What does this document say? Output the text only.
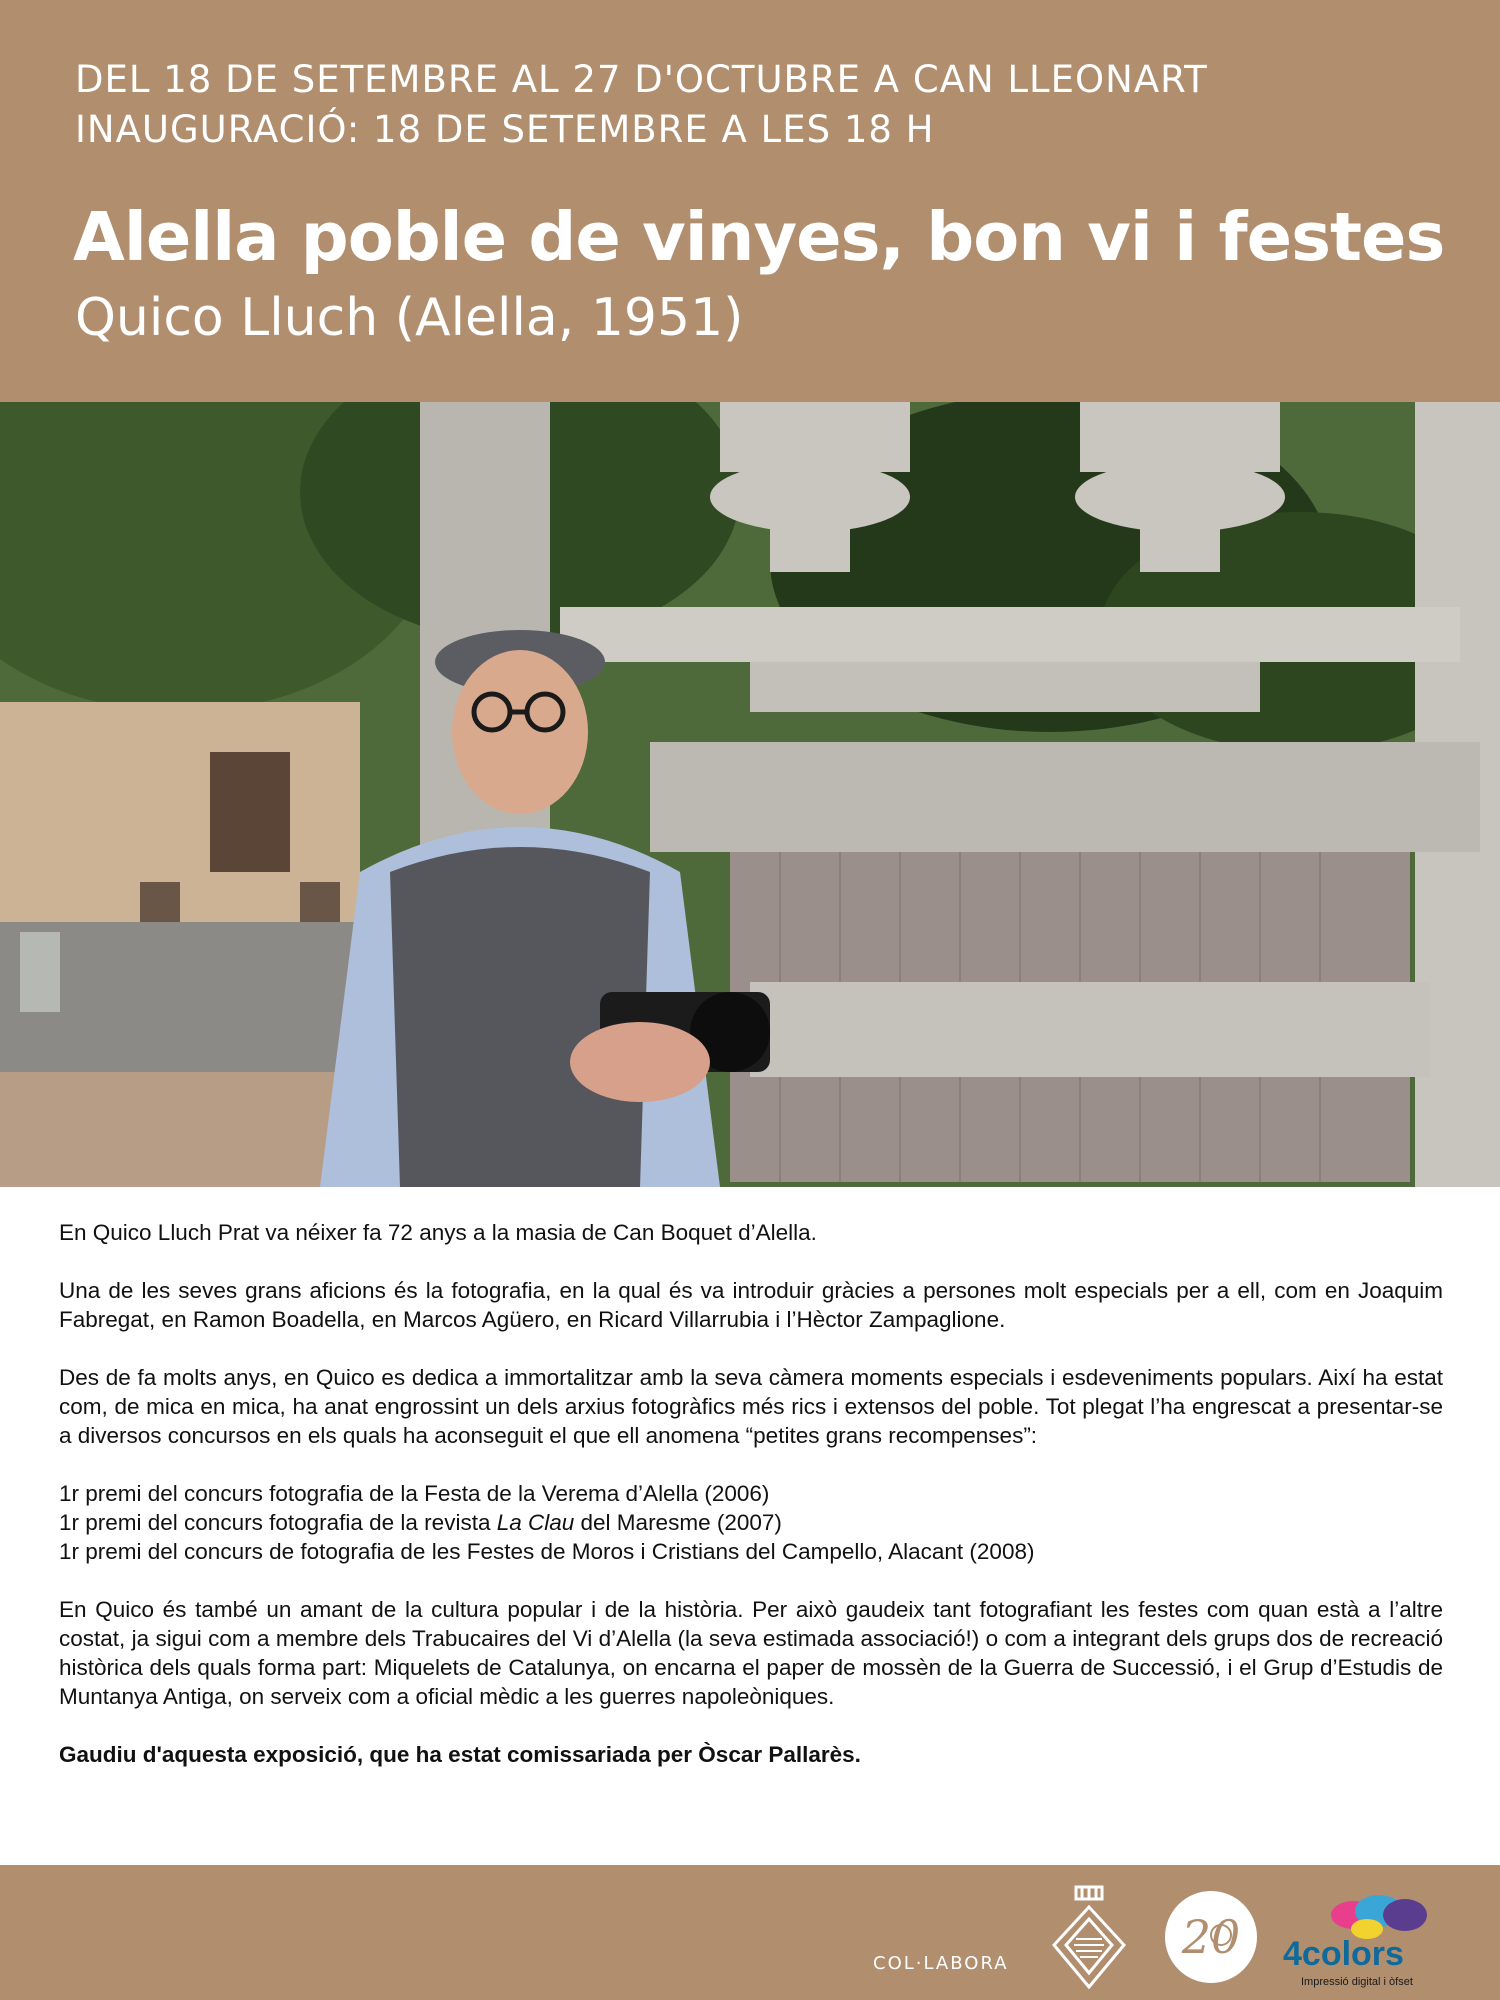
DEL 18 DE SETEMBRE AL 27 D'OCTUBRE A CAN LLEONART
INAUGURACIÓ: 18 DE SETEMBRE A LES 18 H
Alella poble de vinyes, bon vi i festes
Quico Lluch (Alella, 1951)

En Quico Lluch Prat va néixer fa 72 anys a la masia de Can Boquet d’Alella.

Una de les seves grans aficions és la fotografia, en la qual és va introduir gràcies a persones molt especials per a ell, com en Joaquim Fabregat, en Ramon Boadella, en Marcos Agüero, en Ricard Villarrubia i l’Hèctor Zampaglione.

Des de fa molts anys, en Quico es dedica a immortalitzar amb la seva càmera moments especials i esdeveniments populars. Així ha estat com, de mica en mica, ha anat engrossint un dels arxius fotogràfics més rics i extensos del poble. Tot plegat l’ha engrescat a presentar-se a diversos concursos en els quals ha aconseguit el que ell anomena “petites grans recompenses”:

1r premi del concurs fotografia de la Festa de la Verema d’Alella (2006)
1r premi del concurs fotografia de la revista La Clau del Maresme (2007)
1r premi del concurs de fotografia de les Festes de Moros i Cristians del Campello, Alacant (2008)

En Quico és també un amant de la cultura popular i de la història. Per això gaudeix tant fotografiant les festes com quan està a l’altre costat, ja sigui com a membre dels Trabucaires del Vi d’Alella (la seva estimada associació!) o com a integrant dels grups dos de recreació històrica dels quals forma part: Miquelets de Catalunya, on encarna el paper de mossèn de la Guerra de Successió, i el Grup d’Estudis de Muntanya Antiga, on serveix com a oficial mèdic a les guerres napoleòniques.

Gaudiu d'aquesta exposició, que ha estat comissariada per Òscar Pallarès.

COL·LABORA	20 4colors
Impressió digital i òfset
